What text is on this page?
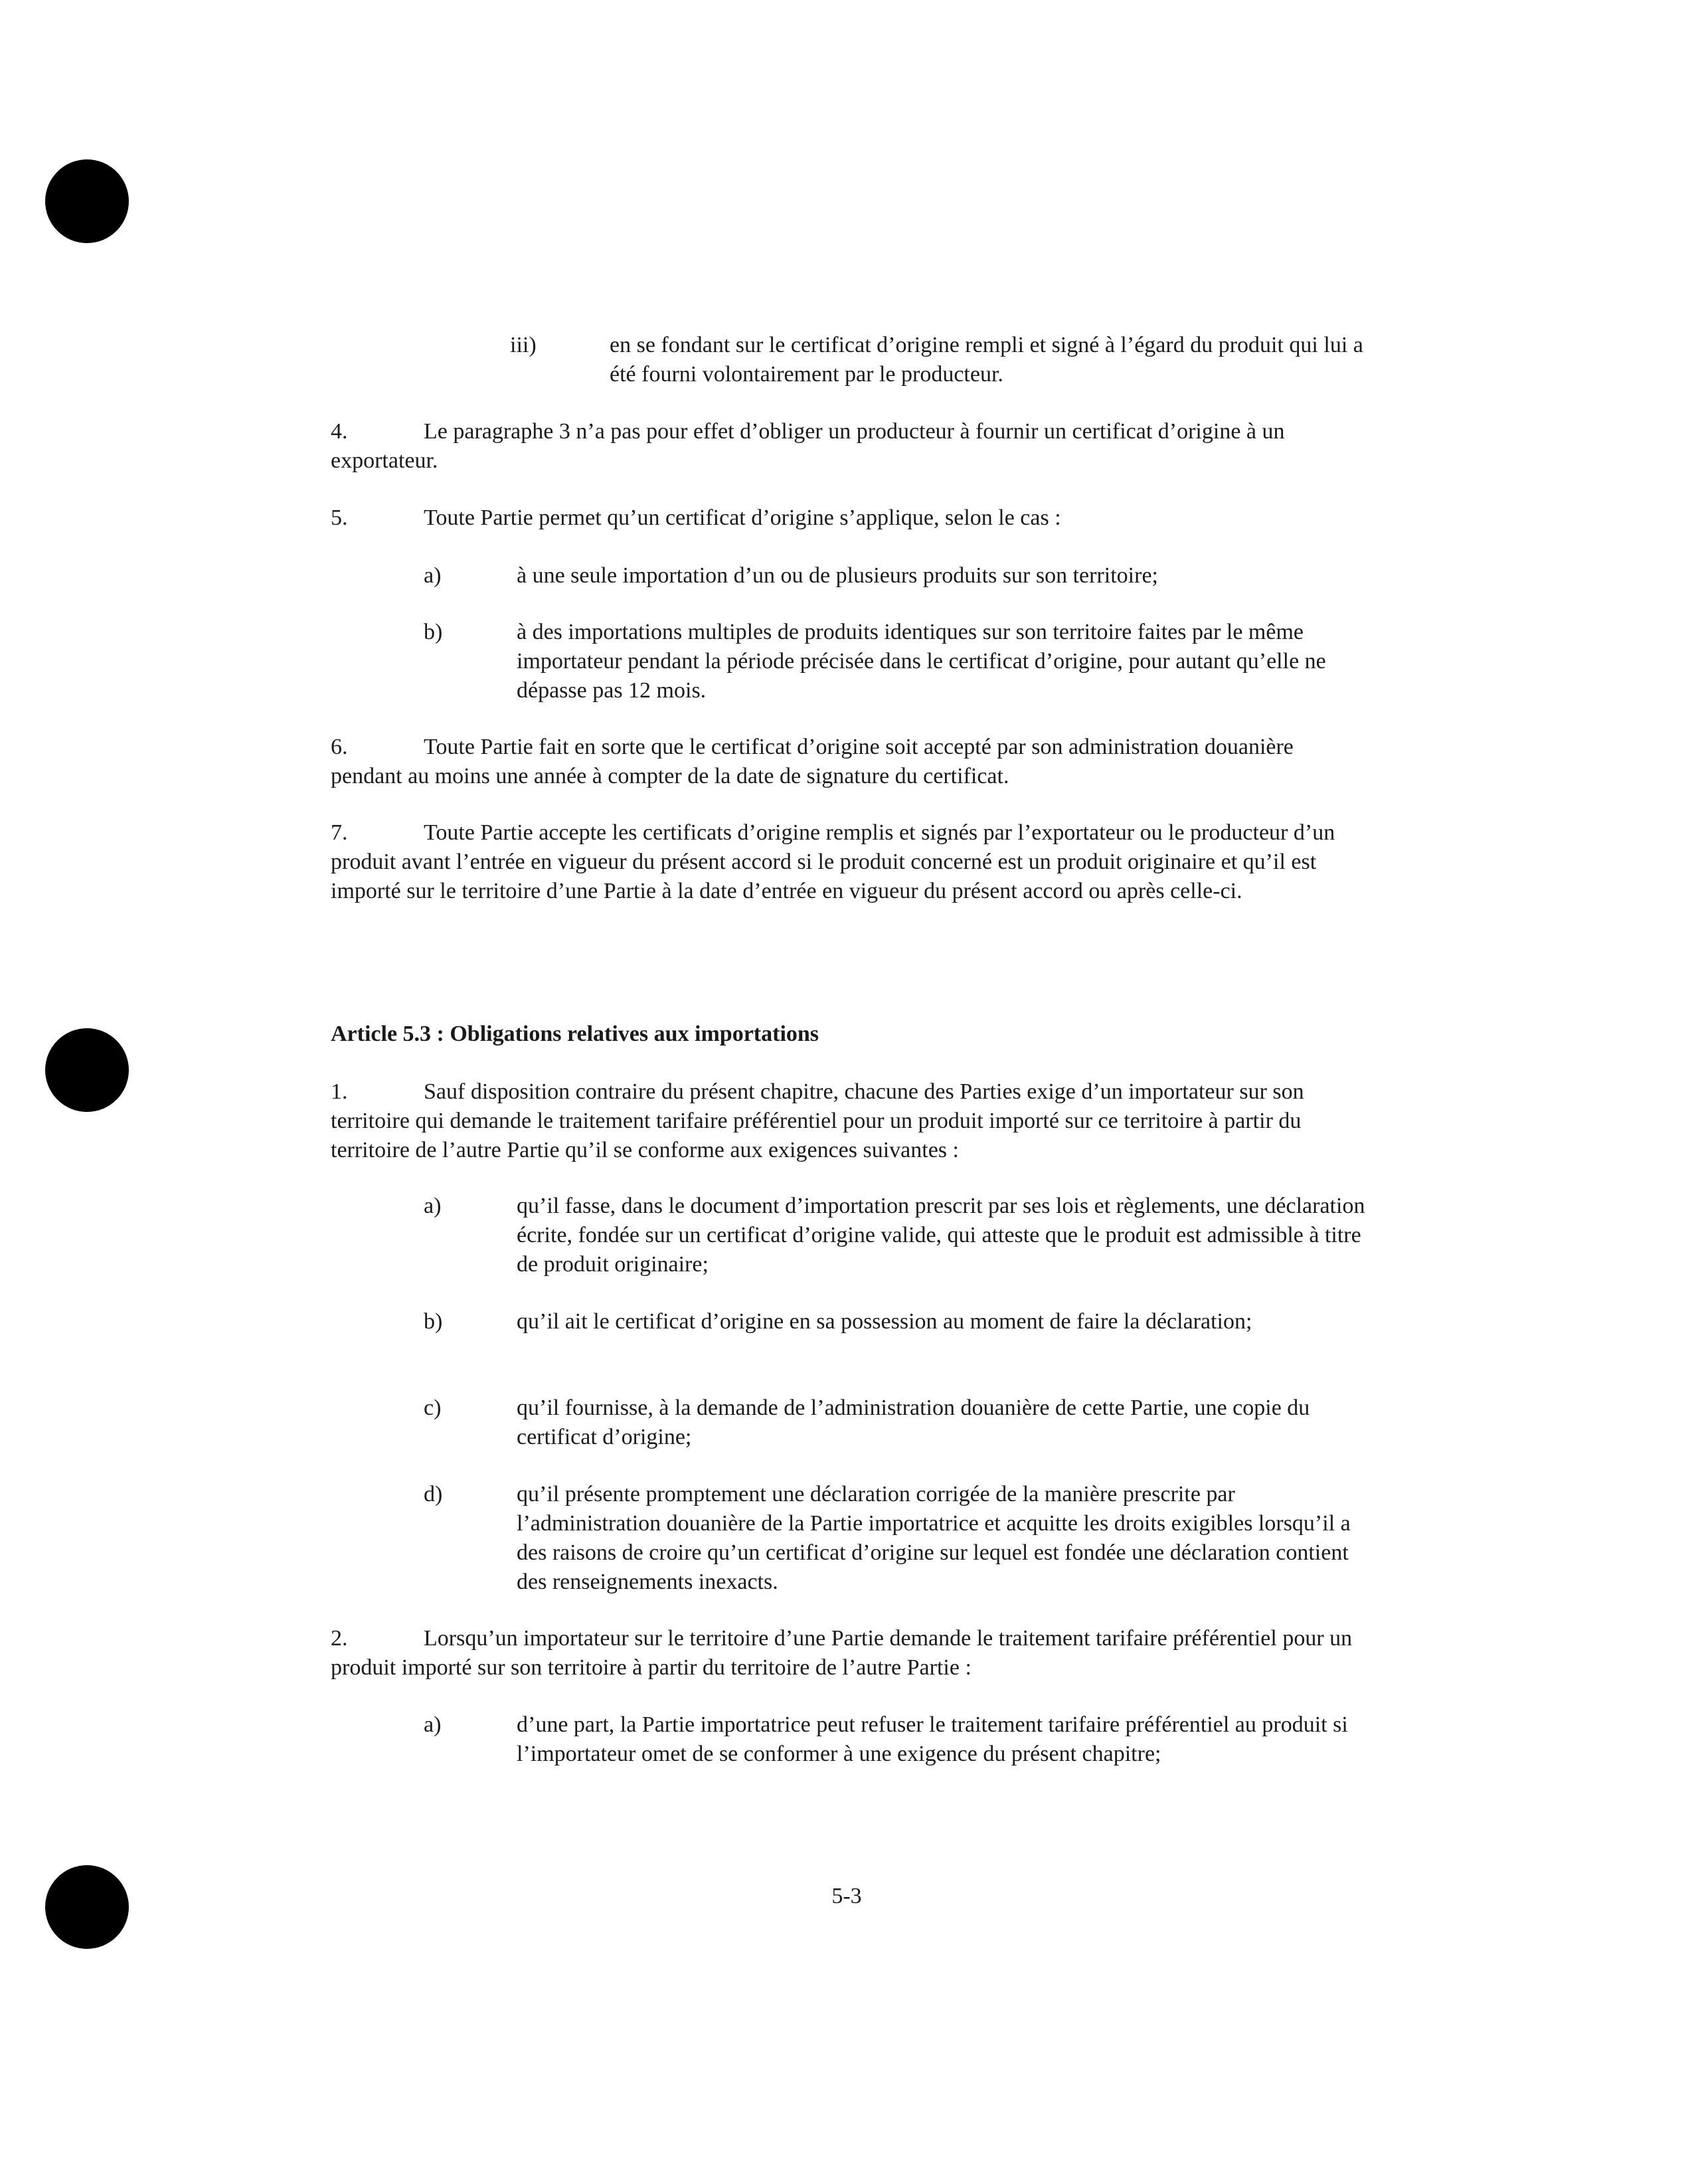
iii)	en se fondant sur le certificat d’origine rempli et signé à l’égard du produit qui lui a été fourni volontairement par le producteur.

4.	Le paragraphe 3 n’a pas pour effet d’obliger un producteur à fournir un certificat d’origine à un exportateur.

5.	Toute Partie permet qu’un certificat d’origine s’applique, selon le cas :

a)	à une seule importation d’un ou de plusieurs produits sur son territoire;
b)	à des importations multiples de produits identiques sur son territoire faites par le même importateur pendant la période précisée dans le certificat d’origine, pour autant qu’elle ne dépasse pas 12 mois.

6.	Toute Partie fait en sorte que le certificat d’origine soit accepté par son administration douanière pendant au moins une année à compter de la date de signature du certificat.

7.	Toute Partie accepte les certificats d’origine remplis et signés par l’exportateur ou le producteur d’un produit avant l’entrée en vigueur du présent accord si le produit concerné est un produit originaire et qu’il est importé sur le territoire d’une Partie à la date d’entrée en vigueur du présent accord ou après celle-ci.

Article 5.3 : Obligations relatives aux importations

1.	Sauf disposition contraire du présent chapitre, chacune des Parties exige d’un importateur sur son territoire qui demande le traitement tarifaire préférentiel pour un produit importé sur ce territoire à partir du territoire de l’autre Partie qu’il se conforme aux exigences suivantes :

a)	qu’il fasse, dans le document d’importation prescrit par ses lois et règlements, une déclaration écrite, fondée sur un certificat d’origine valide, qui atteste que le produit est admissible à titre de produit originaire;
b)	qu’il ait le certificat d’origine en sa possession au moment de faire la déclaration;
c)	qu’il fournisse, à la demande de l’administration douanière de cette Partie, une copie du certificat d’origine;
d)	qu’il présente promptement une déclaration corrigée de la manière prescrite par l’administration douanière de la Partie importatrice et acquitte les droits exigibles lorsqu’il a des raisons de croire qu’un certificat d’origine sur lequel est fondée une déclaration contient des renseignements inexacts.

2.	Lorsqu’un importateur sur le territoire d’une Partie demande le traitement tarifaire préférentiel pour un produit importé sur son territoire à partir du territoire de l’autre Partie :

a)	d’une part, la Partie importatrice peut refuser le traitement tarifaire préférentiel au produit si l’importateur omet de se conformer à une exigence du présent chapitre;
5-3
